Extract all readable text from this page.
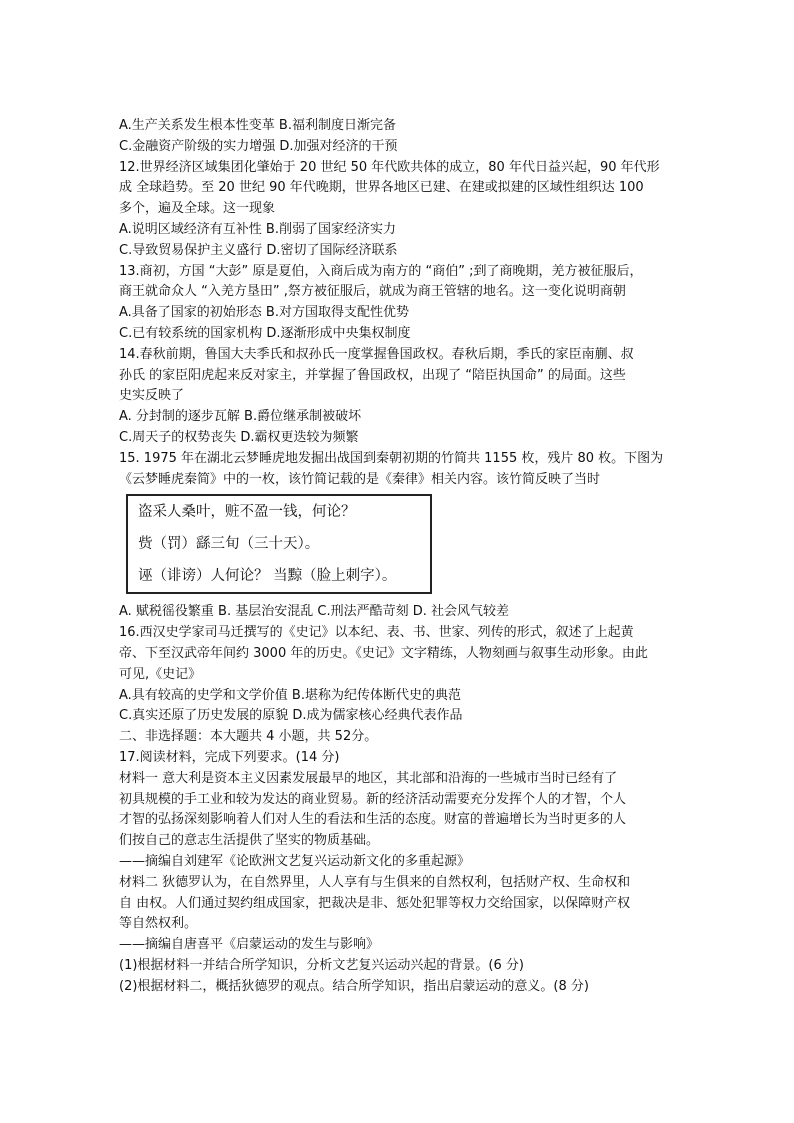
A.生产关系发生根本性变革 B.福利制度日渐完备
C.金融资产阶级的实力增强 D.加强对经济的干预
12.世界经济区域集团化肇始于 20 世纪 50 年代欧共体的成立，80 年代日益兴起，90 年代形
成 全球趋势。至 20 世纪 90 年代晚期，世界各地区已建、在建或拟建的区域性组织达 100
多个，遍及全球。这一现象
A.说明区域经济有互补性 B.削弱了国家经济实力
C.导致贸易保护主义盛行 D.密切了国际经济联系
13.商初，方国 “大彭” 原是夏伯，入商后成为南方的 “商伯” ;到了商晚期，羌方被征服后，
商王就命众人 “入羌方垦田” ,祭方被征服后，就成为商王管辖的地名。这一变化说明商朝
A.具备了国家的初始形态 B.对方国取得支配性优势
C.已有较系统的国家机构 D.逐渐形成中央集权制度
14.春秋前期，鲁国大夫季氏和叔孙氏一度掌握鲁国政权。春秋后期，季氏的家臣南蒯、叔
孙氏 的家臣阳虎起来反对家主，并掌握了鲁国政权，出现了 “陪臣执国命” 的局面。这些
史实反映了
A. 分封制的逐步瓦解 B.爵位继承制被破坏
C.周天子的权势丧失 D.霸权更迭较为频繁
15. 1975 年在湖北云梦睡虎地发掘出战国到秦朝初期的竹简共 1155 枚，残片 80 枚。下图为
《云梦睡虎秦简》中的一枚，该竹简记载的是《秦律》相关内容。该竹简反映了当时
盗采人桑叶，赃不盈一钱，何论？
赀（罚）繇三旬（三十天）。
诬（诽谤）人何论？ 当黥（脸上刺字）。
A. 赋税徭役繁重 B. 基层治安混乱 C.刑法严酷苛刻 D. 社会风气较差
16.西汉史学家司马迁撰写的《史记》以本纪、表、书、世家、列传的形式，叙述了上起黄
帝、下至汉武帝年间约 3000 年的历史。《史记》文字精练，人物刻画与叙事生动形象。由此
可见,《史记》
A.具有较高的史学和文学价值 B.堪称为纪传体断代史的典范
C.真实还原了历史发展的原貌 D.成为儒家核心经典代表作品
二、非选择题：本大题共 4 小题，共 52分。
17.阅读材料，完成下列要求。(14 分)
材料一 意大利是资本主义因素发展最早的地区，其北部和沿海的一些城市当时已经有了
初具规模的手工业和较为发达的商业贸易。新的经济活动需要充分发挥个人的才智，个人
才智的弘扬深刻影响着人们对人生的看法和生活的态度。财富的普遍增长为当时更多的人
们按自己的意志生活提供了坚实的物质基础。
——摘编自刘建军《论欧洲文艺复兴运动新文化的多重起源》
材料二 狄德罗认为，在自然界里，人人享有与生俱来的自然权利，包括财产权、生命权和
自 由权。人们通过契约组成国家，把裁决是非、惩处犯罪等权力交给国家，以保障财产权
等自然权利。
——摘编自唐喜平《启蒙运动的发生与影响》
(1)根据材料一并结合所学知识，分析文艺复兴运动兴起的背景。(6 分)
(2)根据材料二，概括狄德罗的观点。结合所学知识，指出启蒙运动的意义。(8 分)
